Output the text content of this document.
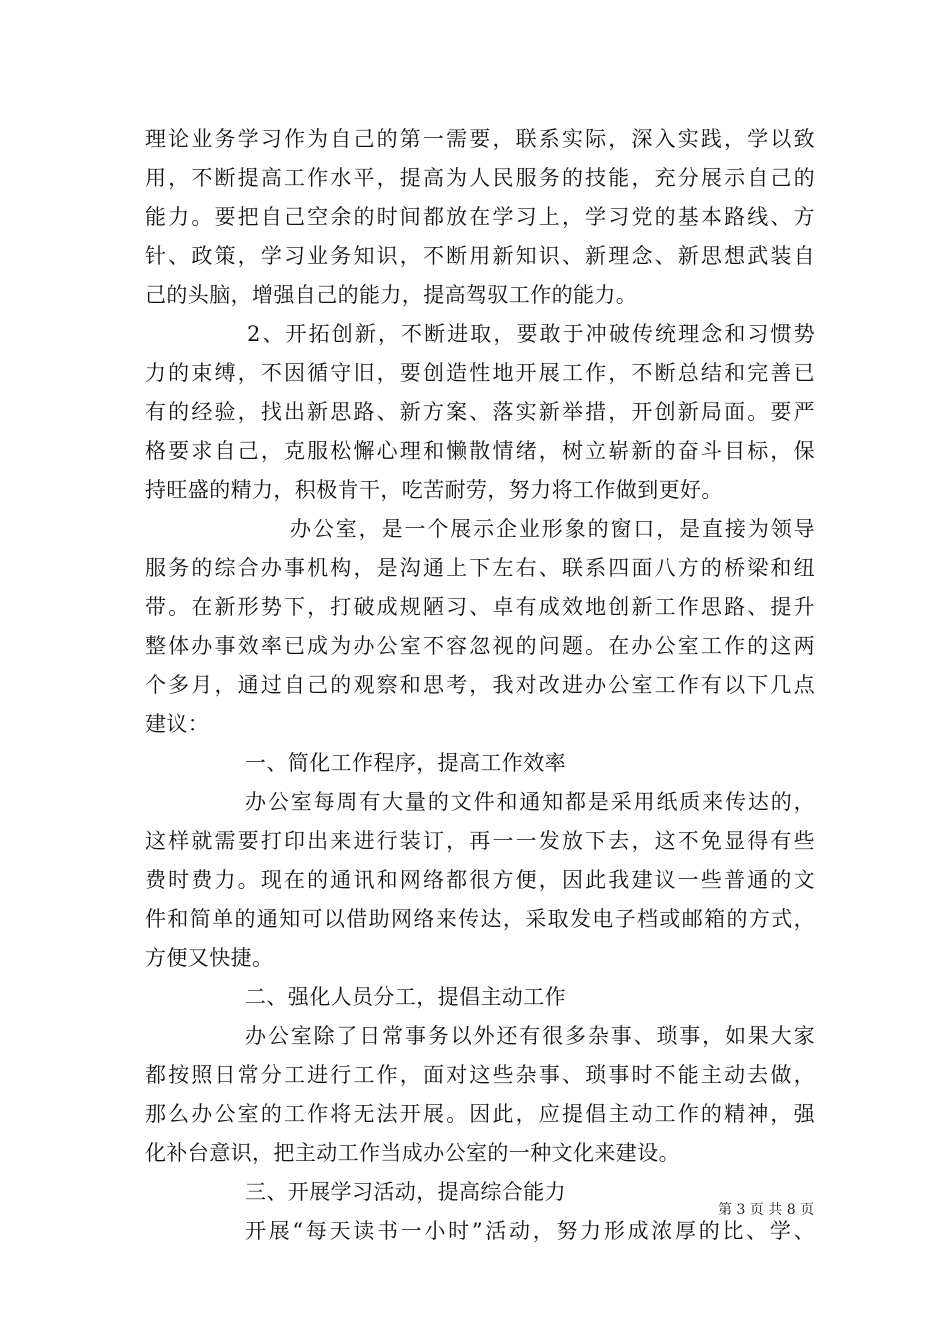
理论业务学习作为自己的第一需要，联系实际，深入实践，学以致
用，不断提高工作水平，提高为人民服务的技能，充分展示自己的
能力。要把自己空余的时间都放在学习上，学习党的基本路线、方
针、政策，学习业务知识，不断用新知识、新理念、新思想武装自
己的头脑，增强自己的能力，提高驾驭工作的能力。
2、开拓创新，不断进取，要敢于冲破传统理念和习惯势
力的束缚，不因循守旧，要创造性地开展工作，不断总结和完善已
有的经验，找出新思路、新方案、落实新举措，开创新局面。要严
格要求自己，克服松懈心理和懒散情绪，树立崭新的奋斗目标，保
持旺盛的精力，积极肯干，吃苦耐劳，努力将工作做到更好。
办公室，是一个展示企业形象的窗口，是直接为领导
服务的综合办事机构，是沟通上下左右、联系四面八方的桥梁和纽
带。在新形势下，打破成规陋习、卓有成效地创新工作思路、提升
整体办事效率已成为办公室不容忽视的问题。在办公室工作的这两
个多月，通过自己的观察和思考，我对改进办公室工作有以下几点
建议：
一、简化工作程序，提高工作效率
办公室每周有大量的文件和通知都是采用纸质来传达的，
这样就需要打印出来进行装订，再一一发放下去，这不免显得有些
费时费力。现在的通讯和网络都很方便，因此我建议一些普通的文
件和简单的通知可以借助网络来传达，采取发电子档或邮箱的方式，
方便又快捷。
二、强化人员分工，提倡主动工作
办公室除了日常事务以外还有很多杂事、琐事，如果大家
都按照日常分工进行工作，面对这些杂事、琐事时不能主动去做，
那么办公室的工作将无法开展。因此，应提倡主动工作的精神，强
化补台意识，把主动工作当成办公室的一种文化来建设。
三、开展学习活动，提高综合能力
开展“每天读书一小时”活动，努力形成浓厚的比、学、
第 3 页 共 8 页
